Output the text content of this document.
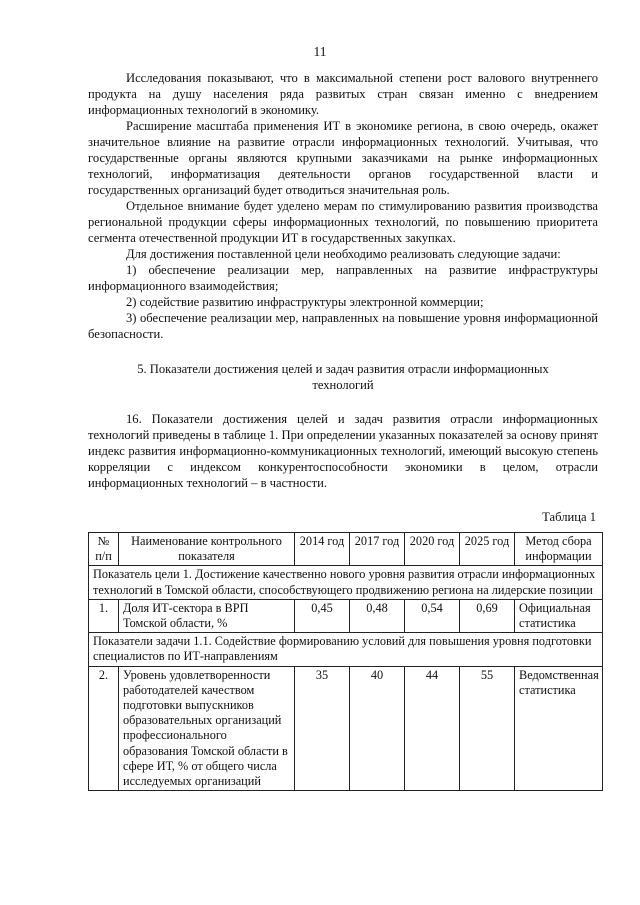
11

Исследования показывают, что в максимальной степени рост валового внутреннего продукта на душу населения ряда развитых стран связан именно с внедрением информационных технологий в экономику.

Расширение масштаба применения ИТ в экономике региона, в свою очередь, окажет значительное влияние на развитие отрасли информационных технологий. Учитывая, что государственные органы являются крупными заказчиками на рынке информационных технологий, информатизация деятельности органов государственной власти и государственных организаций будет отводиться значительная роль.

Отдельное внимание будет уделено мерам по стимулированию развития производства региональной продукции сферы информационных технологий, по повышению приоритета сегмента отечественной продукции ИТ в государственных закупках.

Для достижения поставленной цели необходимо реализовать следующие задачи:

1) обеспечение реализации мер, направленных на развитие инфраструктуры информационного взаимодействия;

2) содействие развитию инфраструктуры электронной коммерции;

3) обеспечение реализации мер, направленных на повышение уровня информационной безопасности.

5. Показатели достижения целей и задач развития отрасли информационных технологий

16. Показатели достижения целей и задач развития отрасли информационных технологий приведены в таблице 1. При определении указанных показателей за основу принят индекс развития информационно-коммуникационных технологий, имеющий высокую степень корреляции с индексом конкурентоспособности экономики в целом, отрасли информационных технологий – в частности.

Таблица 1
№ п/п	Наименование контрольного показателя	2014 год	2017 год	2020 год	2025 год	Метод сбора информации
Показатель цели 1. Достижение качественно нового уровня развития отрасли информационных технологий в Томской области, способствующего продвижению региона на лидерские позиции						
1.	Доля ИТ-сектора в ВРП Томской области, %	0,45	0,48	0,54	0,69	Официальная статистика
Показатели задачи 1.1. Содействие формированию условий для повышения уровня подготовки специалистов по ИТ-направлениям						
2.	Уровень удовлетворенности работодателей качеством подготовки выпускников образовательных организаций профессионального образования Томской области в сфере ИТ, % от общего числа исследуемых организаций	35	40	44	55	Ведомственная статистика
